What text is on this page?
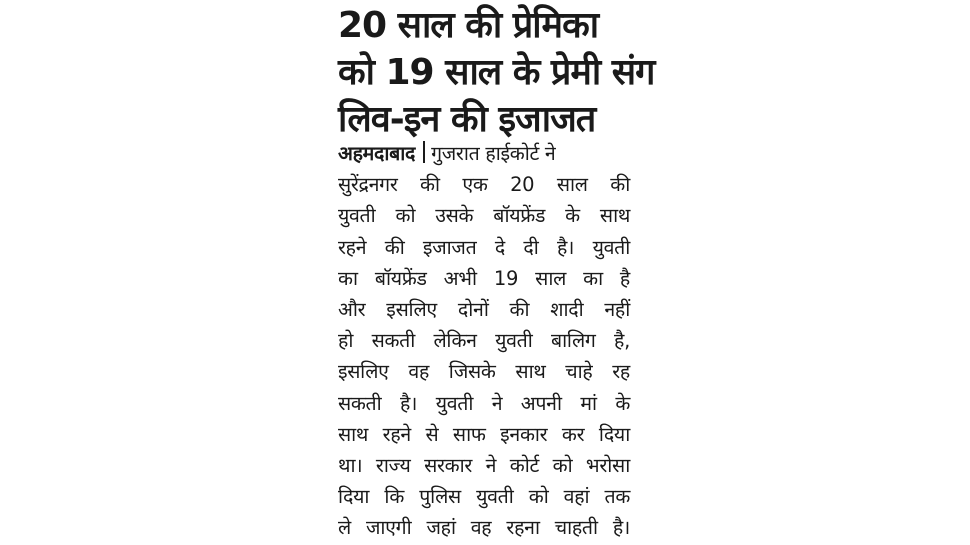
20 साल की प्रेमिका
को 19 साल के प्रेमी संग
लिव-इन की इजाजत
अहमदाबाद गुजरात हाईकोर्ट ने
सुरेंद्रनगर की एक 20 साल की
युवती को उसके बॉयफ्रेंड के साथ
रहने की इजाजत दे दी है। युवती
का बॉयफ्रेंड अभी 19 साल का है
और इसलिए दोनों की शादी नहीं
हो सकती लेकिन युवती बालिग है,
इसलिए वह जिसके साथ चाहे रह
सकती है। युवती ने अपनी मां के
साथ रहने से साफ इनकार कर दिया
था। राज्य सरकार ने कोर्ट को भरोसा
दिया कि पुलिस युवती को वहां तक
ले जाएगी जहां वह रहना चाहती है।
